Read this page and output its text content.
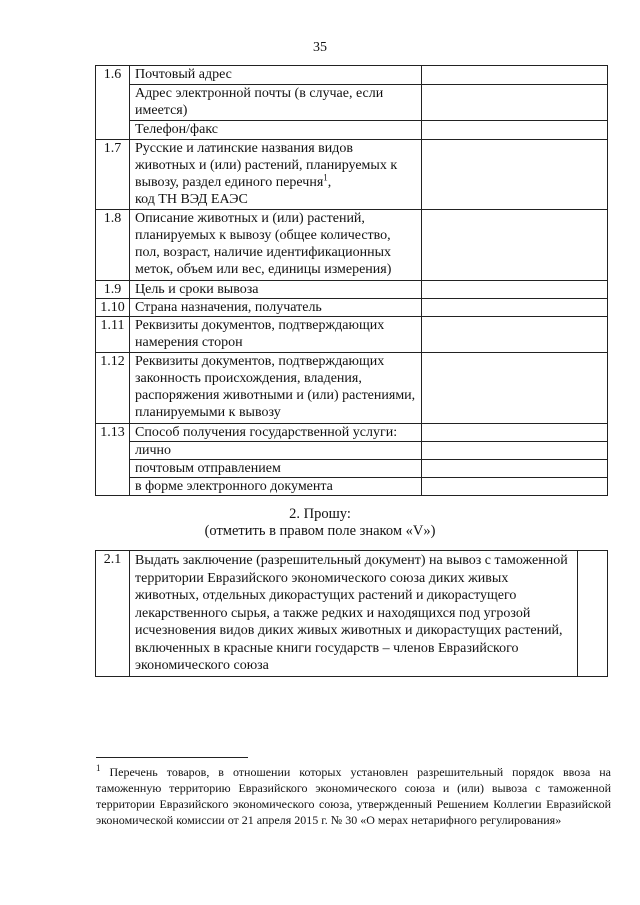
35
1.6	Почтовый адрес	
	Адрес электронной почты (в случае, если имеется)	
	Телефон/факс	
1.7	Русские и латинские названия видов животных и (или) растений, планируемых к вывозу, раздел единого перечня$^1$,
код ТН ВЭД ЕАЭС	
1.8	Описание животных и (или) растений, планируемых к вывозу (общее количество, пол, возраст, наличие идентификационных меток, объем или вес, единицы измерения)	
1.9	Цель и сроки вывоза	
1.10	Страна назначения, получатель	
1.11	Реквизиты документов, подтверждающих намерения сторон	
1.12	Реквизиты документов, подтверждающих законность происхождения, владения, распоряжения животными и (или) растениями, планируемыми к вывозу	
1.13	Способ получения государственной услуги:	
	лично	
	почтовым отправлением	
	в форме электронного документа	
2. Прошу:
(отметить в правом поле знаком «V»)
2.1	Выдать заключение (разрешительный документ) на вывоз с таможенной территории Евразийского экономического союза диких живых животных, отдельных дикорастущих растений и дикорастущего лекарственного сырья, а также редких и находящихся под угрозой исчезновения видов диких живых животных и дикорастущих растений, включенных в красные книги государств – членов Евразийского экономического союза	

$^1$ Перечень товаров, в отношении которых установлен разрешительный порядок ввоза на таможенную территорию Евразийского экономического союза и (или) вывоза с таможенной территории Евразийского экономического союза, утвержденный Решением Коллегии Евразийской экономической комиссии от 21 апреля 2015 г. № 30 «О мерах нетарифного регулирования»
